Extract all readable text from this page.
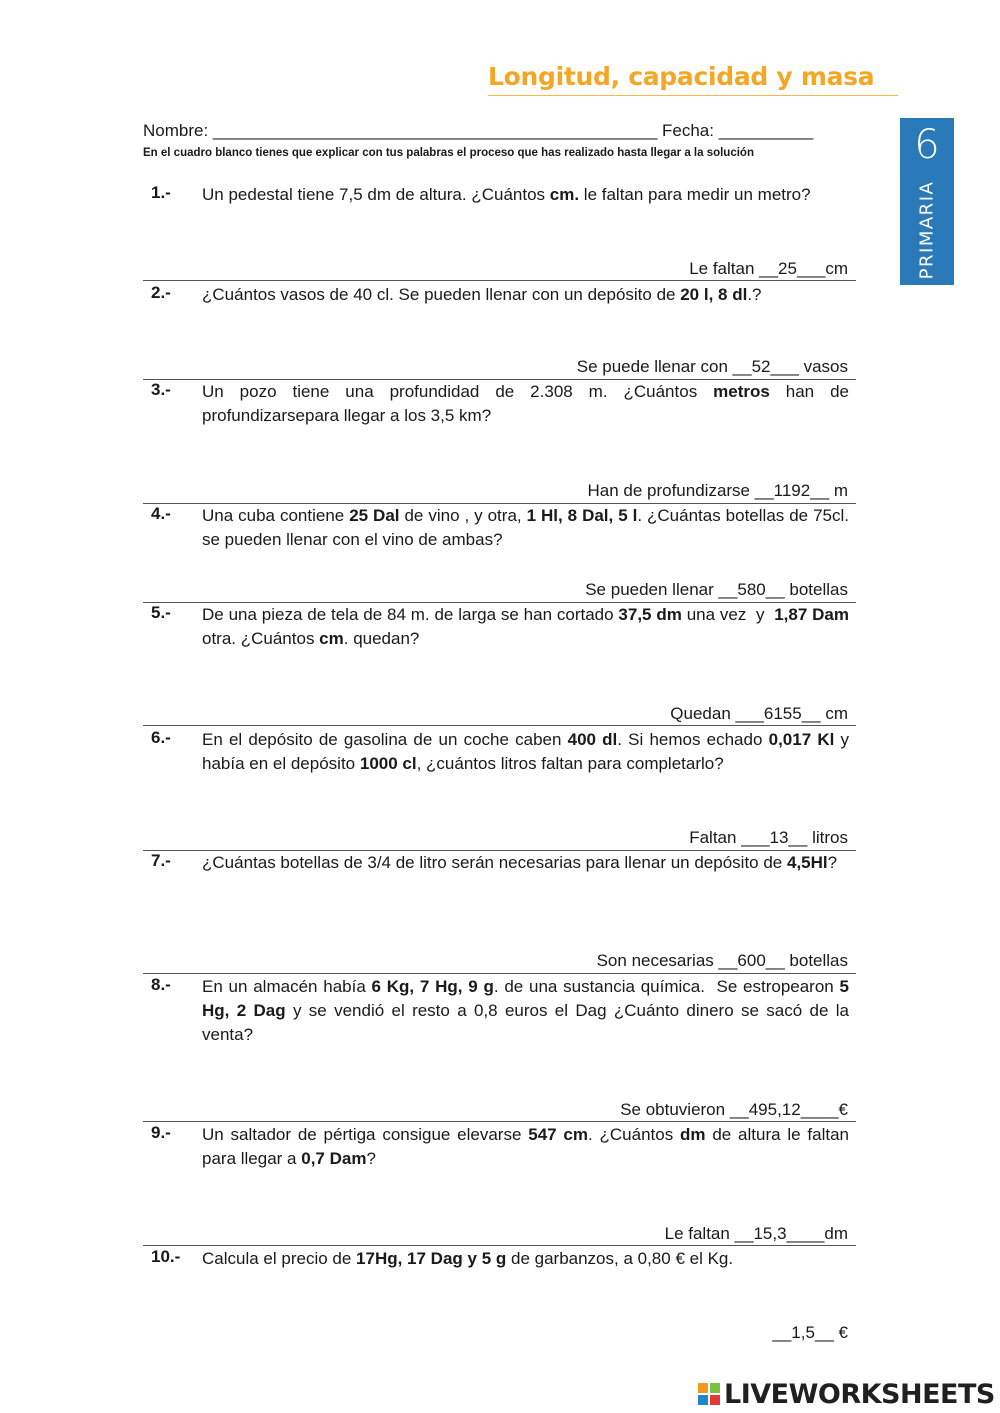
Longitud, capacidad y masa
6
PRIMARIA
Nombre: _______________________________________________ Fecha: __________
En el cuadro blanco tienes que explicar con tus palabras el proceso que has realizado hasta llegar a la solución
1.- Un pedestal tiene 7,5 dm de altura. ¿Cuántos cm. le faltan para medir un metro?
Le faltan __25___cm
2.- ¿Cuántos vasos de 40 cl. Se pueden llenar con un depósito de 20 l, 8 dl.?
Se puede llenar con __52___ vasos
3.- Un pozo tiene una profundidad de 2.308 m. ¿Cuántos metros han de profundizarsepara llegar a los 3,5 km?
Han de profundizarse __1192__ m
4.- Una cuba contiene 25 Dal de vino , y otra, 1 Hl, 8 Dal, 5 l. ¿Cuántas botellas de 75cl. se pueden llenar con el vino de ambas?
Se pueden llenar __580__ botellas
5.- De una pieza de tela de 84 m. de larga se han cortado 37,5 dm una vez  y  1,87 Dam otra. ¿Cuántos cm. quedan?
Quedan ___6155__ cm
6.- En el depósito de gasolina de un coche caben 400 dl. Si hemos echado 0,017 Kl y había en el depósito 1000 cl, ¿cuántos litros faltan para completarlo?
Faltan ___13__ litros
7.- ¿Cuántas botellas de 3/4 de litro serán necesarias para llenar un depósito de 4,5Hl?
Son necesarias __600__ botellas
8.- En un almacén había 6 Kg, 7 Hg, 9 g. de una sustancia química.  Se estropearon 5 Hg, 2 Dag y se vendió el resto a 0,8 euros el Dag ¿Cuánto dinero se sacó de la venta?
Se obtuvieron __495,12____€
9.- Un saltador de pértiga consigue elevarse 547 cm. ¿Cuántos dm de altura le faltan para llegar a 0,7 Dam?
Le faltan __15,3____dm
10.- Calcula el precio de 17Hg, 17 Dag y 5 g de garbanzos, a 0,80 € el Kg.
__1,5__ €
LIVEWORKSHEETS
